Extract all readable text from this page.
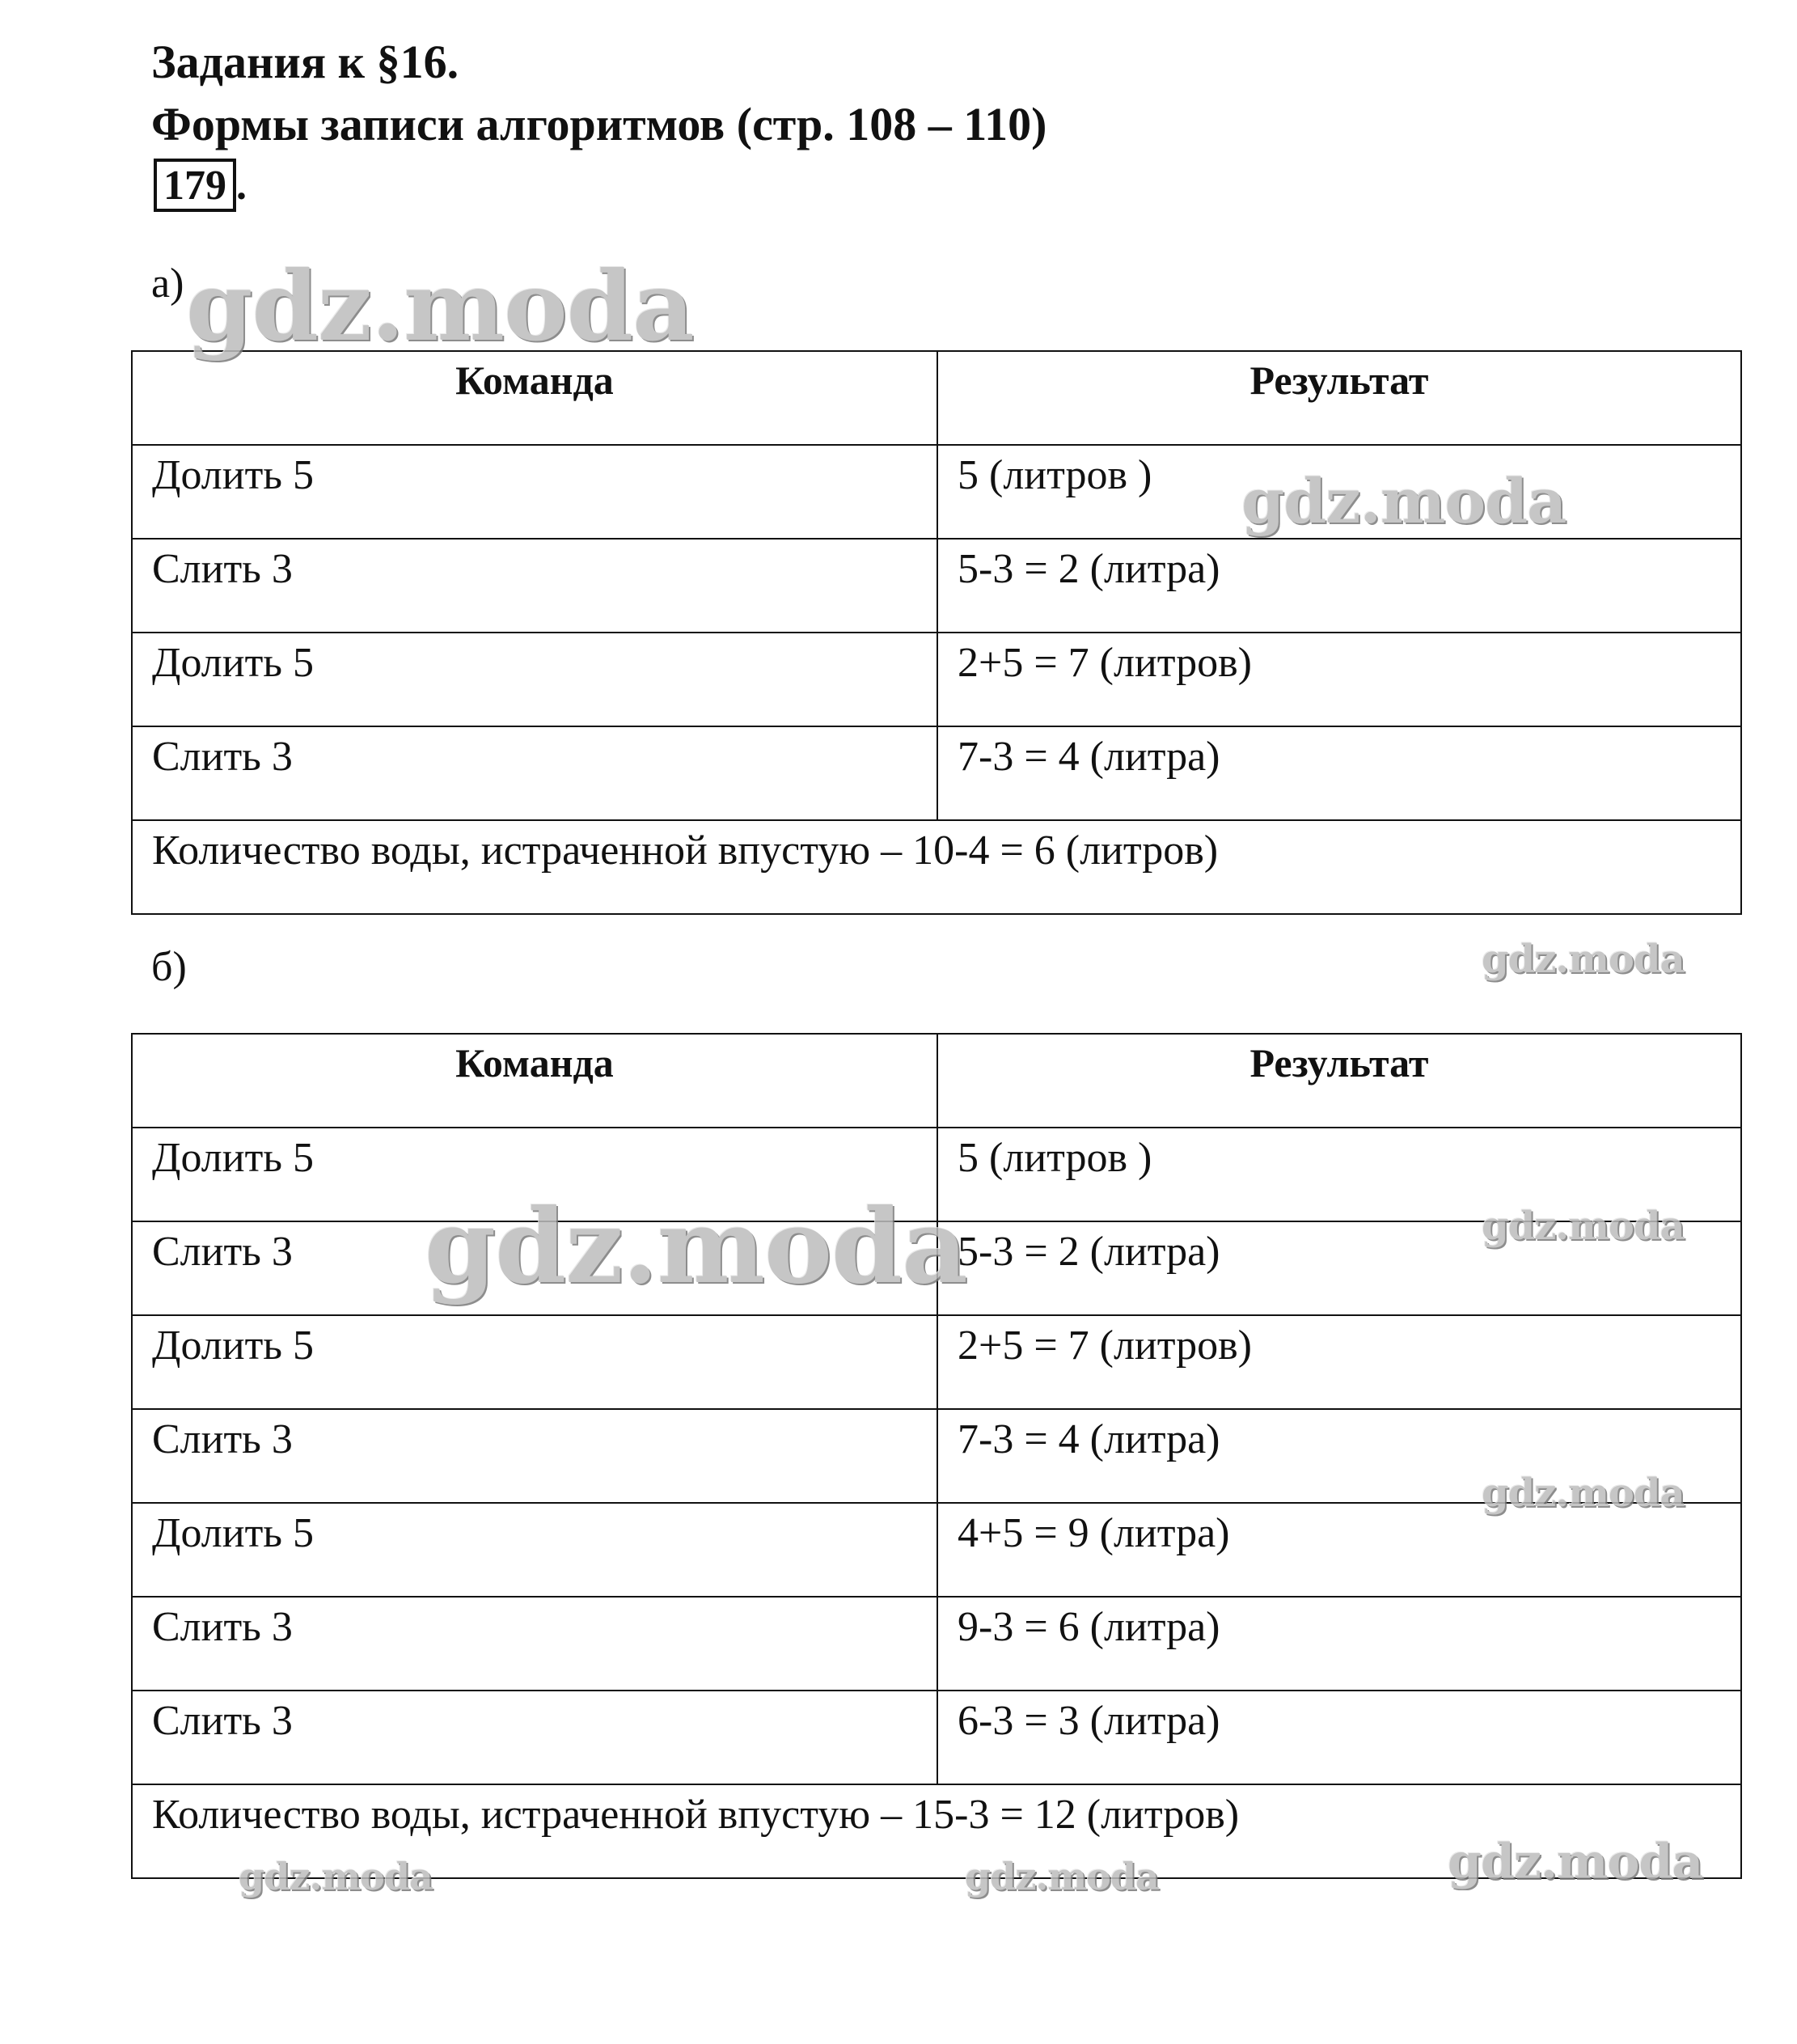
Задания к §16.
Формы записи алгоритмов (стр. 108 – 110)
179 .
а)
Команда	Результат
Долить 5	5 (литров )
Слить 3	5-3 = 2 (литра)
Долить 5	2+5 = 7 (литров)
Слить 3	7-3 = 4 (литра)
Количество воды, истраченной впустую – 10-4 = 6 (литров)	
б)
Команда	Результат
Долить 5	5 (литров )
Слить 3	5-3 = 2 (литра)
Долить 5	2+5 = 7 (литров)
Слить 3	7-3 = 4 (литра)
Долить 5	4+5 = 9 (литра)
Слить 3	9-3 = 6 (литра)
Слить 3	6-3 = 3 (литра)
Количество воды, истраченной впустую – 15-3 = 12 (литров)	
gdz.moda
gdz.moda
gdz.moda
gdz.moda	gdz.moda
gdz.moda
gdz.moda	gdz.moda	gdz.moda
